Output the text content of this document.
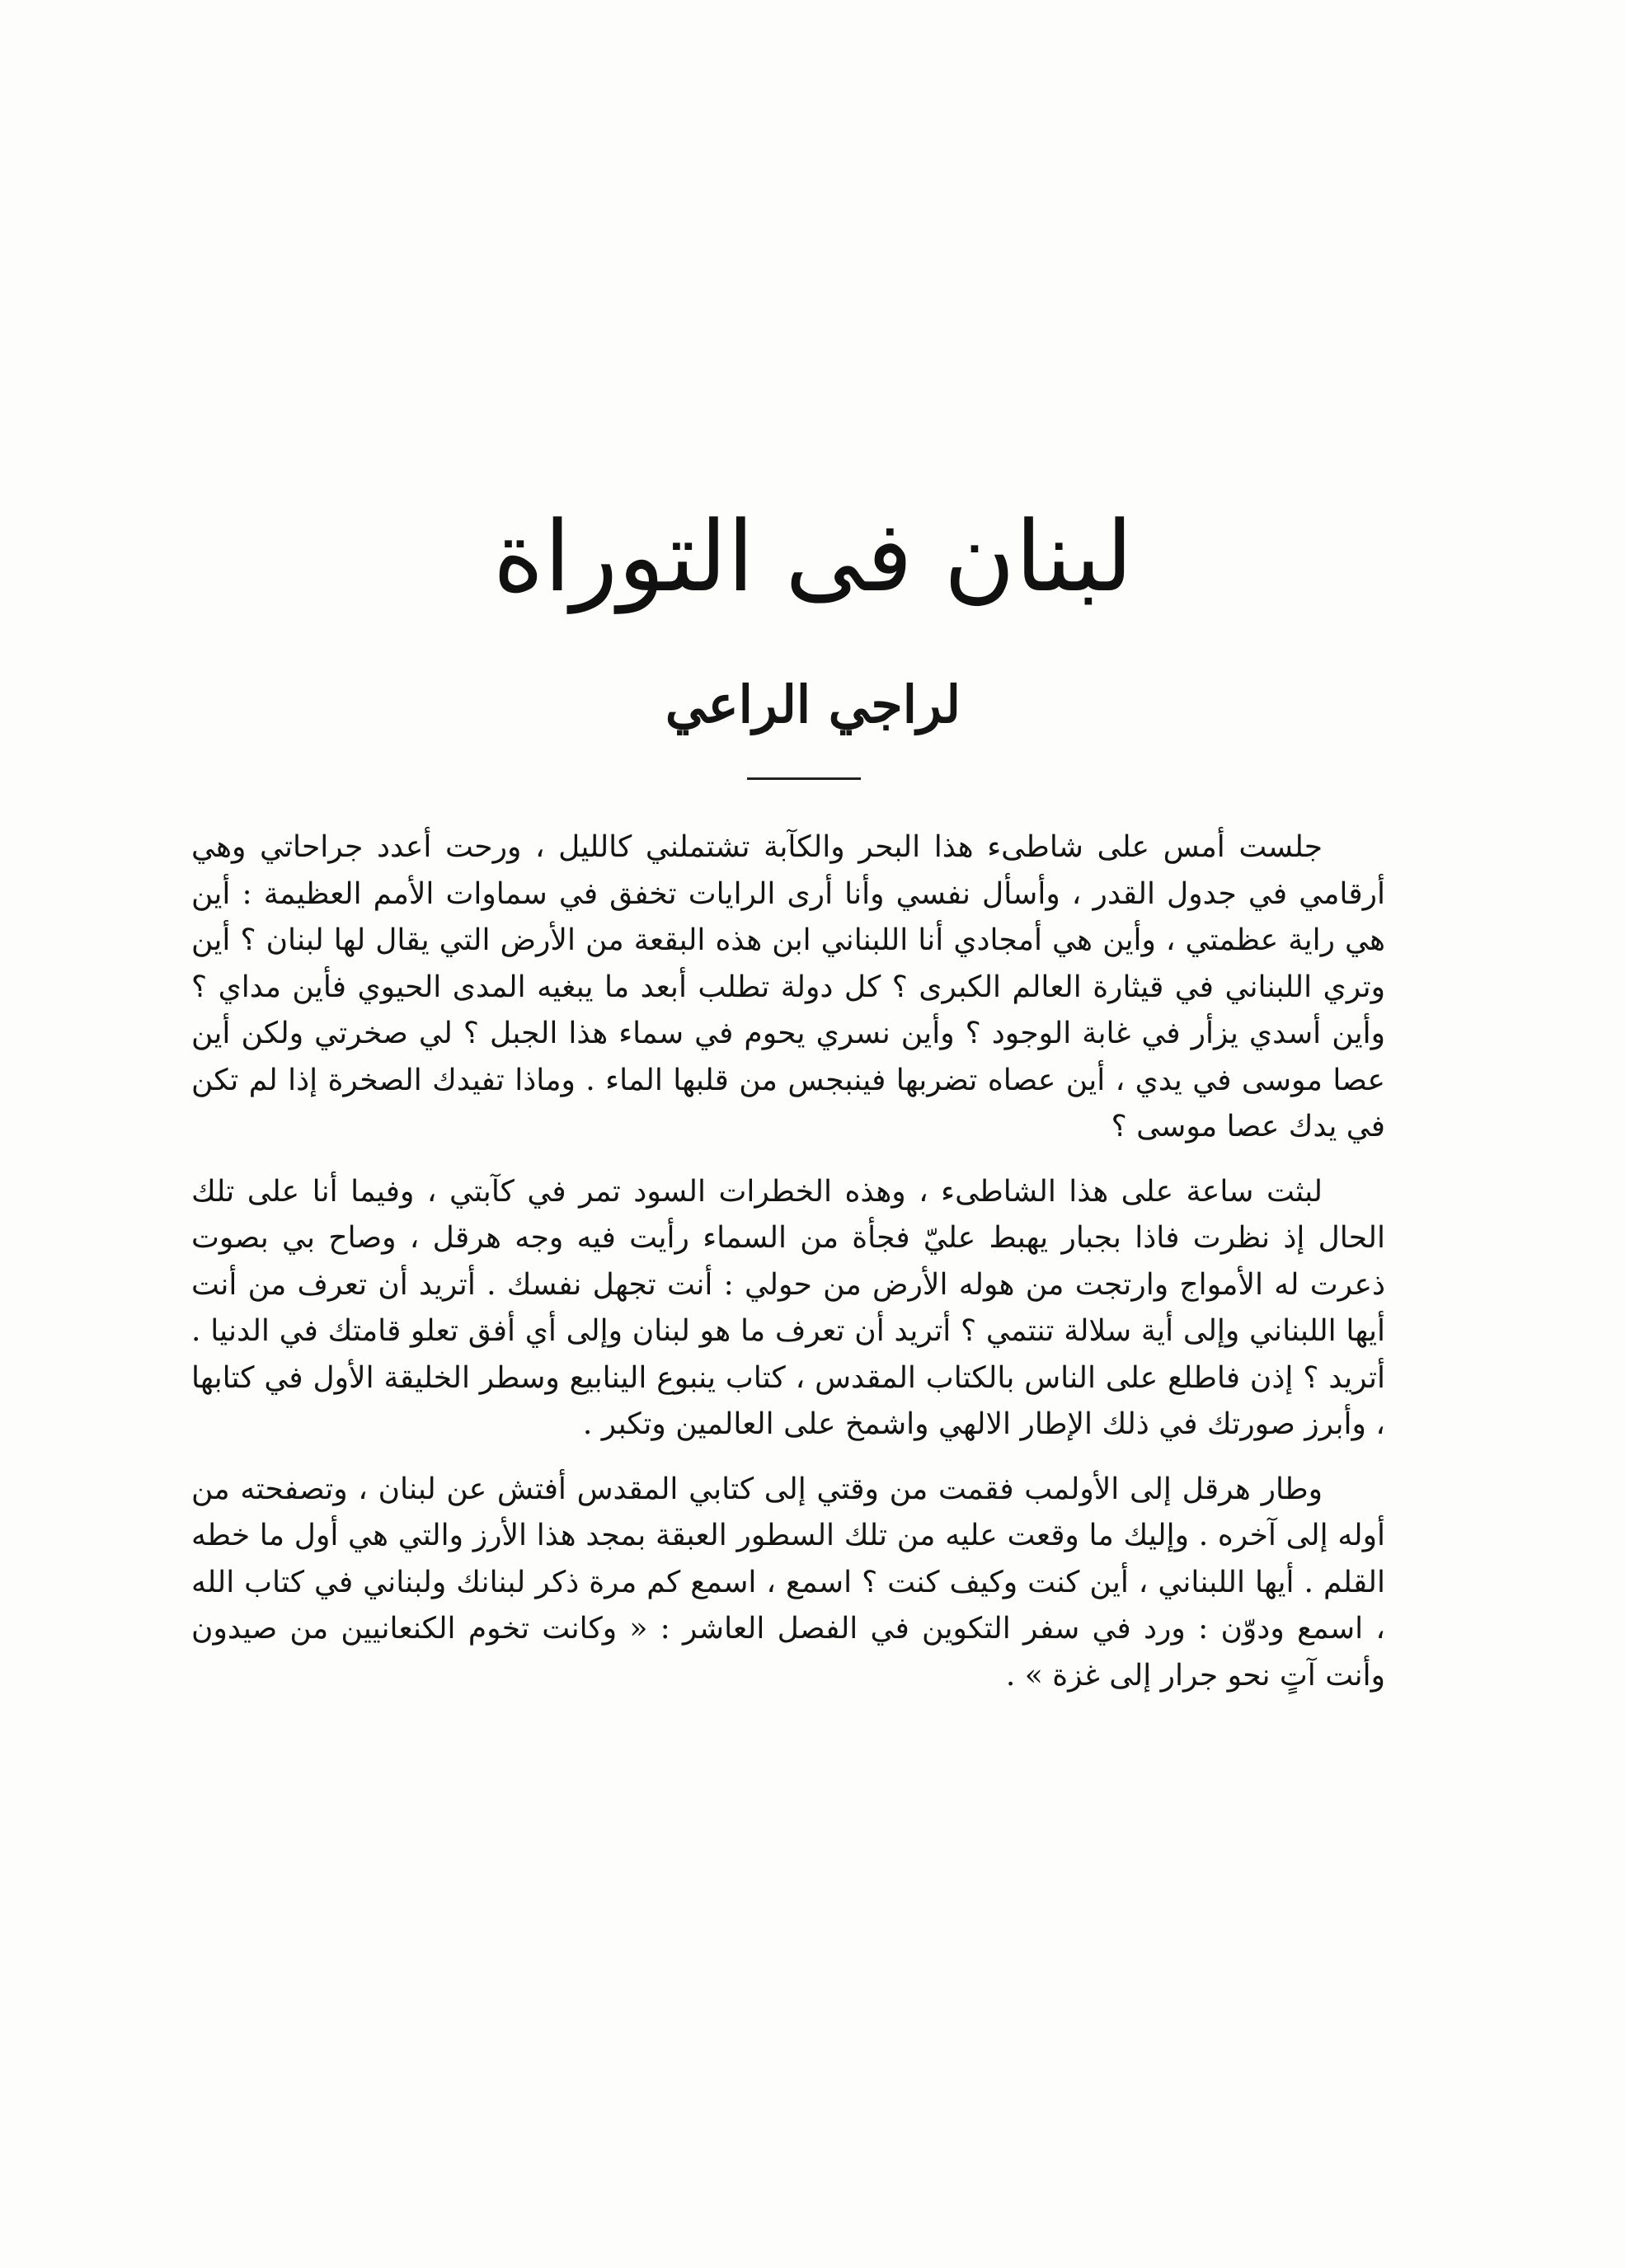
لبنان فى التوراة
لراجي الراعي

جلست أمس على شاطىء هذا البحر والكآبة تشتملني كالليل ، ورحت أعدد جراحاتي وهي أرقامي في جدول القدر ، وأسأل نفسي وأنا أرى الرايات تخفق في سماوات الأمم العظيمة : أين هي راية عظمتي ، وأين هي أمجادي أنا اللبناني ابن هذه البقعة من الأرض التي يقال لها لبنان ؟ أين وتري اللبناني في قيثارة العالم الكبرى ؟ كل دولة تطلب أبعد ما يبغيه المدى الحيوي فأين مداي ؟ وأين أسدي يزأر في غابة الوجود ؟ وأين نسري يحوم في سماء هذا الجبل ؟ لي صخرتي ولكن أين عصا موسى في يدي ، أين عصاه تضربها فينبجس من قلبها الماء . وماذا تفيدك الصخرة إذا لم تكن في يدك عصا موسى ؟

لبثت ساعة على هذا الشاطىء ، وهذه الخطرات السود تمر في كآبتي ، وفيما أنا على تلك الحال إذ نظرت فاذا بجبار يهبط عليّ فجأة من السماء رأيت فيه وجه هرقل ، وصاح بي بصوت ذعرت له الأمواج وارتجت من هوله الأرض من حولي : أنت تجهل نفسك . أتريد أن تعرف من أنت أيها اللبناني وإلى أية سلالة تنتمي ؟ أتريد أن تعرف ما هو لبنان وإلى أي أفق تعلو قامتك في الدنيا . أتريد ؟ إذن فاطلع على الناس بالكتاب المقدس ، كتاب ينبوع الينابيع وسطر الخليقة الأول في كتابها ، وأبرز صورتك في ذلك الإطار الالهي واشمخ على العالمين وتكبر .

وطار هرقل إلى الأولمب فقمت من وقتي إلى كتابي المقدس أفتش عن لبنان ، وتصفحته من أوله إلى آخره . وإليك ما وقعت عليه من تلك السطور العبقة بمجد هذا الأرز والتي هي أول ما خطه القلم . أيها اللبناني ، أين كنت وكيف كنت ؟ اسمع ، اسمع كم مرة ذكر لبنانك ولبناني في كتاب الله ، اسمع ودوّن : ورد في سفر التكوين في الفصل العاشر : « وكانت تخوم الكنعانيين من صيدون وأنت آتٍ نحو جرار إلى غزة » .
